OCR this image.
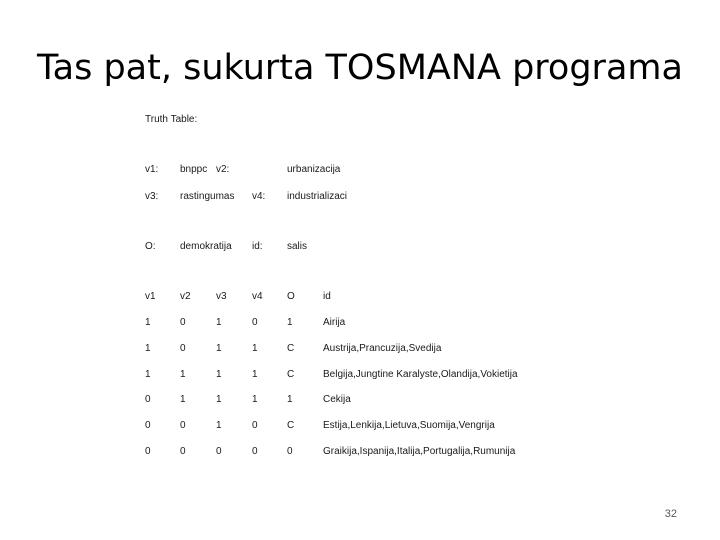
Tas pat, sukurta TOSMANA programa
Truth Table:
v1: bnppc v2:	urbanizacija
v3: rastingumas v4: industrializaci
O: demokratija id: salis
v1 v2	v3	v4 O	id
1	0	1	0	1	Airija
1	0	1	1	C	Austrija,Prancuzija,Svedija
1	1	1	1	C	Belgija,Jungtine Karalyste,Olandija,Vokietija
0	1	1	1	1	Cekija
0	0	1	0	C	Estija,Lenkija,Lietuva,Suomija,Vengrija
0	0	0	0	0	Graikija,Ispanija,Italija,Portugalija,Rumunija
32
